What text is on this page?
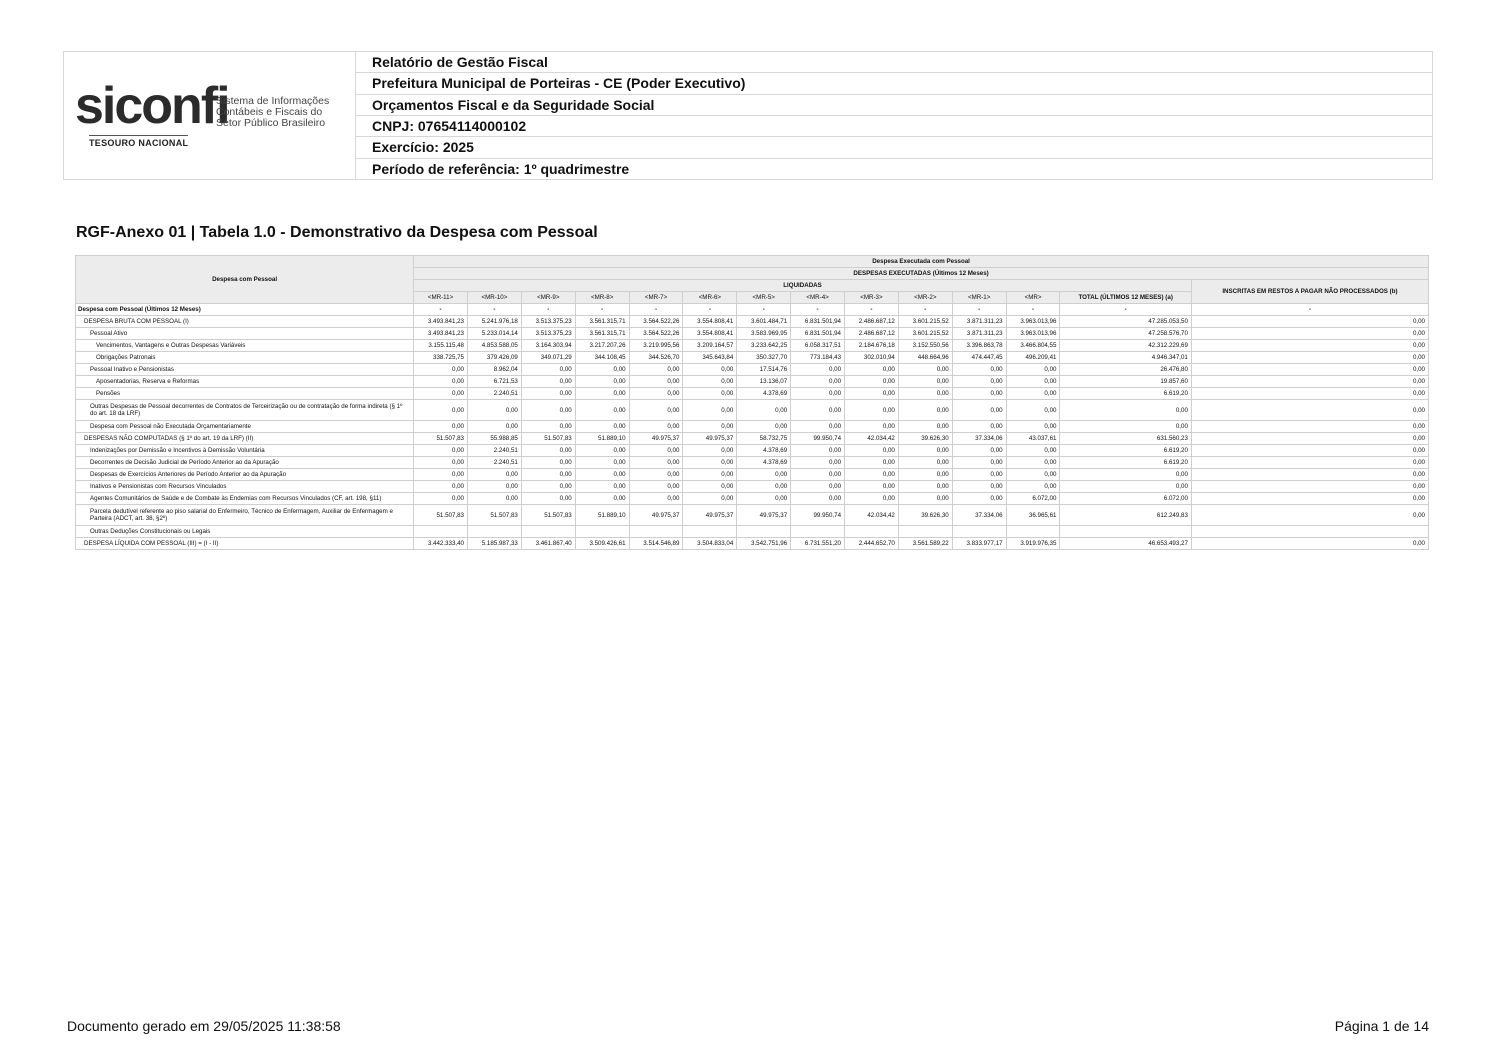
siconfi
Sistema de Informações
Contábeis e Fiscais do
Setor Público Brasileiro
TESOURO NACIONAL
Relatório de Gestão Fiscal
Prefeitura Municipal de Porteiras - CE (Poder Executivo)
Orçamentos Fiscal e da Seguridade Social
CNPJ: 07654114000102
Exercício: 2025
Período de referência: 1º quadrimestre
RGF-Anexo 01 | Tabela 1.0 - Demonstrativo da Despesa com Pessoal
Despesa com Pessoal	Despesa Executada com Pessoal													
	DESPESAS EXECUTADAS (Últimos 12 Meses)													
	LIQUIDADAS													INSCRITAS EM RESTOS A PAGAR NÃO PROCESSADOS (b)
	<MR-11>	<MR-10>	<MR-9>	<MR-8>	<MR-7>	<MR-6>	<MR-5>	<MR-4>	<MR-3>	<MR-2>	<MR-1>	<MR>	TOTAL (ÚLTIMOS 12 MESES) (a)	
Despesa com Pessoal (Últimos 12 Meses)	-	-	-	-	-	-	-	-	-	-	-	-	-	-
DESPESA BRUTA COM PESSOAL (I)	3.493.841,23	5.241.976,18	3.513.375,23	3.561.315,71	3.564.522,26	3.554.808,41	3.601.484,71	6.831.501,94	2.486.687,12	3.601.215,52	3.871.311,23	3.963.013,96	47.285.053,50	0,00
Pessoal Ativo	3.493.841,23	5.233.014,14	3.513.375,23	3.561.315,71	3.564.522,26	3.554.808,41	3.583.969,95	6.831.501,94	2.486.687,12	3.601.215,52	3.871.311,23	3.963.013,96	47.258.576,70	0,00
Vencimentos, Vantagens e Outras Despesas Variáveis	3.155.115,48	4.853.588,05	3.164.303,94	3.217.207,26	3.219.995,56	3.209.164,57	3.233.642,25	6.058.317,51	2.184.676,18	3.152.550,56	3.396.863,78	3.466.804,55	42.312.229,69	0,00
Obrigações Patronais	338.725,75	379.426,09	349.071,29	344.108,45	344.526,70	345.643,84	350.327,70	773.184,43	302.010,94	448.664,96	474.447,45	496.209,41	4.946.347,01	0,00
Pessoal Inativo e Pensionistas	0,00	8.962,04	0,00	0,00	0,00	0,00	17.514,76	0,00	0,00	0,00	0,00	0,00	26.476,80	0,00
Aposentadorias, Reserva e Reformas	0,00	6.721,53	0,00	0,00	0,00	0,00	13.136,07	0,00	0,00	0,00	0,00	0,00	19.857,60	0,00
Pensões	0,00	2.240,51	0,00	0,00	0,00	0,00	4.378,69	0,00	0,00	0,00	0,00	0,00	6.619,20	0,00
Outras Despesas de Pessoal decorrentes de Contratos de Terceirização ou de contratação de forma indireta (§ 1º do art. 18 da LRF)	0,00	0,00	0,00	0,00	0,00	0,00	0,00	0,00	0,00	0,00	0,00	0,00	0,00	0,00
Despesa com Pessoal não Executada Orçamentariamente	0,00	0,00	0,00	0,00	0,00	0,00	0,00	0,00	0,00	0,00	0,00	0,00	0,00	0,00
DESPESAS NÃO COMPUTADAS (§ 1º do art. 19 da LRF) (II)	51.507,83	55.988,85	51.507,83	51.889,10	49.975,37	49.975,37	58.732,75	99.950,74	42.034,42	39.626,30	37.334,06	43.037,61	631.560,23	0,00
Indenizações por Demissão e Incentivos à Demissão Voluntária	0,00	2.240,51	0,00	0,00	0,00	0,00	4.378,69	0,00	0,00	0,00	0,00	0,00	6.619,20	0,00
Decorrentes de Decisão Judicial de Período Anterior ao da Apuração	0,00	2.240,51	0,00	0,00	0,00	0,00	4.378,69	0,00	0,00	0,00	0,00	0,00	6.619,20	0,00
Despesas de Exercícios Anteriores de Período Anterior ao da Apuração	0,00	0,00	0,00	0,00	0,00	0,00	0,00	0,00	0,00	0,00	0,00	0,00	0,00	0,00
Inativos e Pensionistas com Recursos Vinculados	0,00	0,00	0,00	0,00	0,00	0,00	0,00	0,00	0,00	0,00	0,00	0,00	0,00	0,00
Agentes Comunitários de Saúde e de Combate às Endemias com Recursos Vinculados (CF, art. 198, §11)	0,00	0,00	0,00	0,00	0,00	0,00	0,00	0,00	0,00	0,00	0,00	6.072,00	6.072,00	0,00
Parcela dedutível referente ao piso salarial do Enfermeiro, Técnico de Enfermagem, Auxiliar de Enfermagem e Parteira (ADCT, art. 38, §2º)	51.507,83	51.507,83	51.507,83	51.889,10	49.975,37	49.975,37	49.975,37	99.950,74	42.034,42	39.626,30	37.334,06	36.965,61	612.249,83	0,00
Outras Deduções Constitucionais ou Legais														
DESPESA LÍQUIDA COM PESSOAL (III) = (I - II)	3.442.333,40	5.185.987,33	3.461.867,40	3.509.426,61	3.514.546,89	3.504.833,04	3.542.751,96	6.731.551,20	2.444.652,70	3.561.589,22	3.833.977,17	3.919.976,35	46.653.493,27	0,00
Documento gerado em 29/05/2025 11:38:58	Página 1 de 14
